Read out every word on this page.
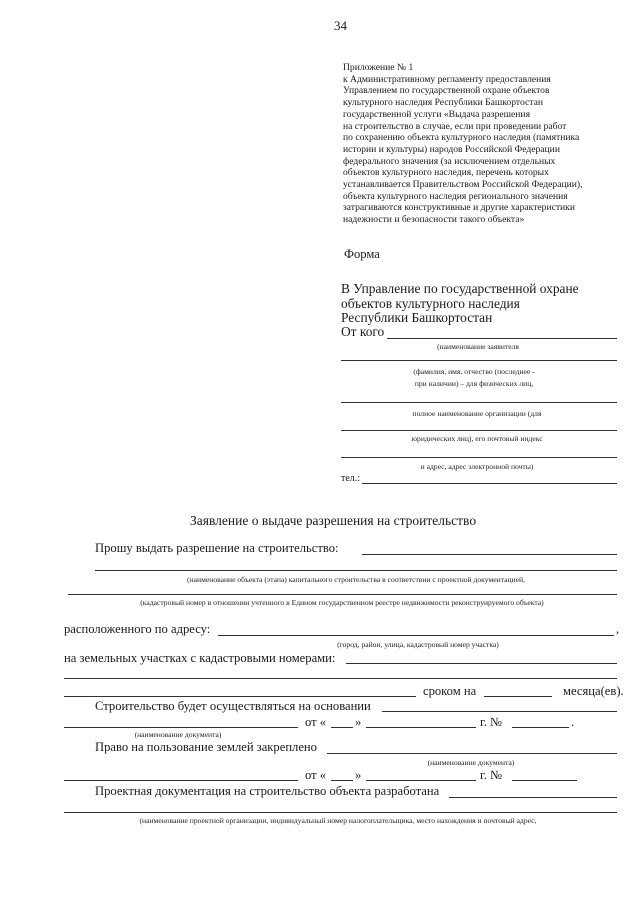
34
Приложение № 1
к Административному регламенту предоставления
Управлением по государственной охране объектов
культурного наследия Республики Башкортостан
государственной услуги «Выдача разрешения
на строительство в случае, если при проведении работ
по сохранению объекта культурного наследия (памятника
истории и культуры) народов Российской Федерации
федерального значения (за исключением отдельных
объектов культурного наследия, перечень которых
устанавливается Правительством Российской Федерации),
объекта культурного наследия регионального значения
затрагиваются конструктивные и другие характеристики
надежности и безопасности такого объекта»
Форма
В Управление по государственной охране
объектов культурного наследия
Республики Башкортостан
От кого
(наименование заявителя
(фамилия, имя, отчество (последнее -
при наличии) – для физических лиц,
полное наименование организации (для
юридических лиц), его почтовый индекс
и адрес, адрес электронной почты)
тел.:
Заявление о выдаче разрешения на строительство
Прошу выдать разрешение на строительство:
(наименование объекта (этапа) капитального строительства в соответствии с проектной документацией,
(кадастровый номер в отношении учтенного в Едином государственном реестре недвижимости реконструируемого объекта)
расположенного по адресу:	,
(город, район, улица, кадастровый номер участка)
на земельных участках с кадастровыми номерами:
сроком на	месяца(ев).
Строительство будет осуществляться на основании
от « »	г. №	.
(наименование документа)
Право на пользование землей закреплено
(наименование документа)
от « »	г. №
Проектная документация на строительство объекта разработана
(наименование проектной организации, индивидуальный номер налогоплательщика, место нахождения и почтовый адрес,
